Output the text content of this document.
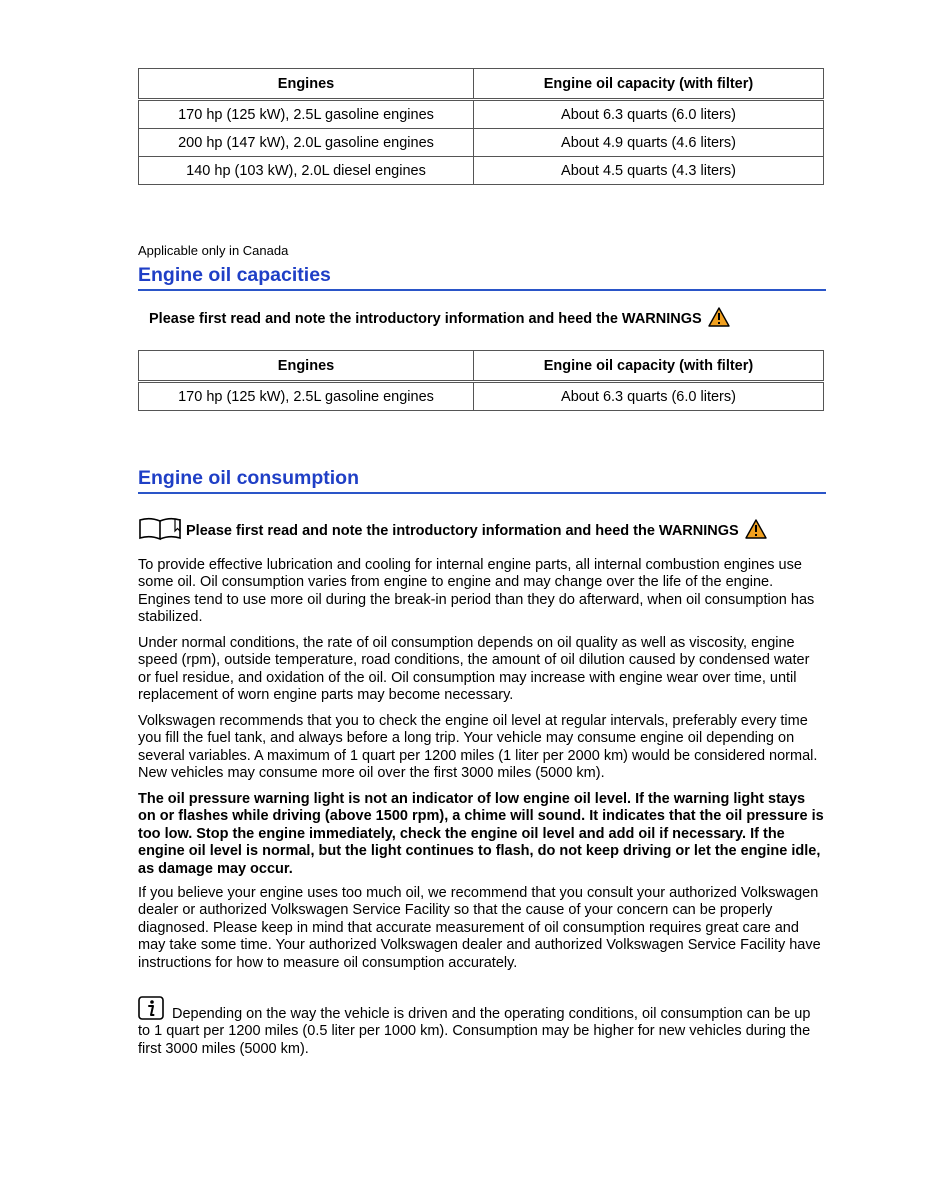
Engines	Engine oil capacity (with filter)
170 hp (125 kW), 2.5L gasoline engines	About 6.3 quarts (6.0 liters)
200 hp (147 kW), 2.0L gasoline engines	About 4.9 quarts (4.6 liters)
140 hp (103 kW), 2.0L diesel engines	About 4.5 quarts (4.3 liters)
Applicable only in Canada
Engine oil capacities
Please first read and note the introductory information and heed the WARNINGS
Engines	Engine oil capacity (with filter)
170 hp (125 kW), 2.5L gasoline engines	About 6.3 quarts (6.0 liters)
Engine oil consumption
Please first read and note the introductory information and heed the WARNINGS

To provide effective lubrication and cooling for internal engine parts, all internal combustion engines use some oil. Oil consumption varies from engine to engine and may change over the life of the engine. Engines tend to use more oil during the break-in period than they do afterward, when oil consumption has stabilized.

Under normal conditions, the rate of oil consumption depends on oil quality as well as viscosity, engine speed (rpm), outside temperature, road conditions, the amount of oil dilution caused by condensed water or fuel residue, and oxidation of the oil. Oil consumption may increase with engine wear over time, until replacement of worn engine parts may become necessary.

Volkswagen recommends that you to check the engine oil level at regular intervals, preferably every time you fill the fuel tank, and always before a long trip. Your vehicle may consume engine oil depending on several variables. A maximum of 1 quart per 1200 miles (1 liter per 2000 km) would be considered normal. New vehicles may consume more oil over the first 3000 miles (5000 km).

The oil pressure warning light is not an indicator of low engine oil level. If the warning light stays on or flashes while driving (above 1500 rpm), a chime will sound. It indicates that the oil pressure is too low. Stop the engine immediately, check the engine oil level and add oil if necessary. If the engine oil level is normal, but the light continues to flash, do not keep driving or let the engine idle, as damage may occur.

If you believe your engine uses too much oil, we recommend that you consult your authorized Volkswagen dealer or authorized Volkswagen Service Facility so that the cause of your concern can be properly diagnosed. Please keep in mind that accurate measurement of oil consumption requires great care and may take some time. Your authorized Volkswagen dealer and authorized Volkswagen Service Facility have instructions for how to measure oil consumption accurately.

Depending on the way the vehicle is driven and the operating conditions, oil consumption can be up to 1 quart per 1200 miles (0.5 liter per 1000 km). Consumption may be higher for new vehicles during the first 3000 miles (5000 km).
